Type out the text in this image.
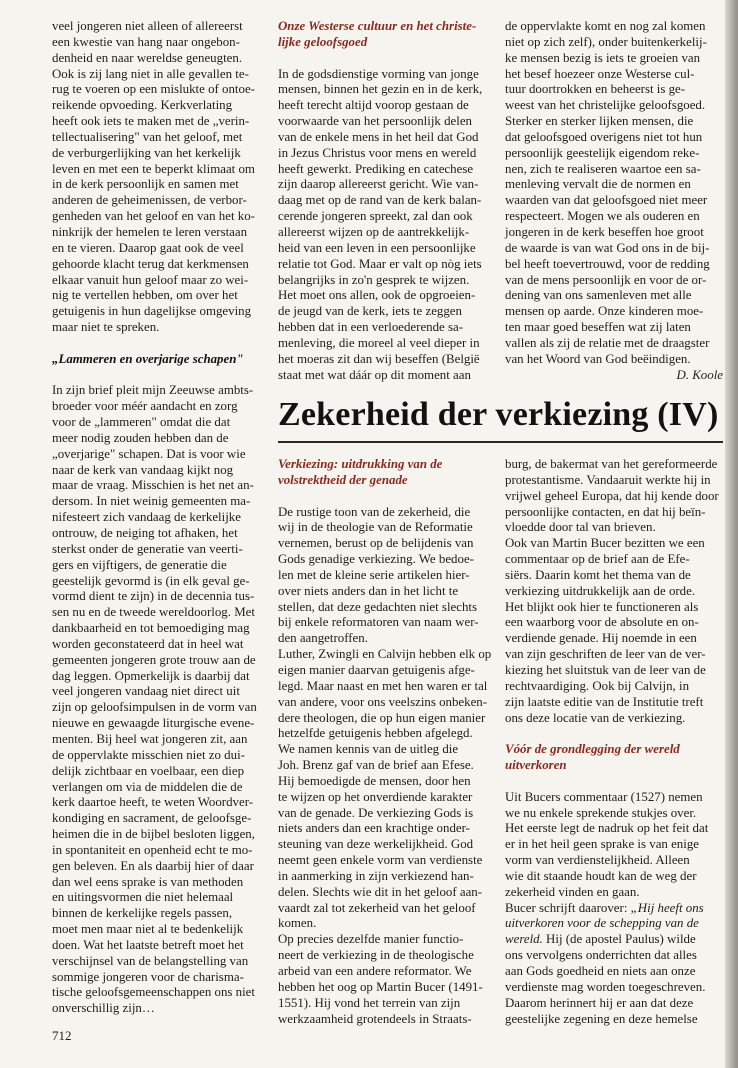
veel jongeren niet alleen of allereerst
een kwestie van hang naar ongebon-
denheid en naar wereldse geneugten.
Ook is zij lang niet in alle gevallen te-
rug te voeren op een mislukte of ontoe-
reikende opvoeding. Kerkverlating
heeft ook iets te maken met de „verin-
tellectualisering" van het geloof, met
de verburgerlijking van het kerkelijk
leven en met een te beperkt klimaat om
in de kerk persoonlijk en samen met
anderen de geheimenissen, de verbor-
genheden van het geloof en van het ko-
ninkrijk der hemelen te leren verstaan
en te vieren. Daarop gaat ook de veel
gehoorde klacht terug dat kerkmensen
elkaar vanuit hun geloof maar zo wei-
nig te vertellen hebben, om over het
getuigenis in hun dagelijkse omgeving
maar niet te spreken.

„Lammeren en overjarige schapen"

In zijn brief pleit mijn Zeeuwse ambts-
broeder voor méér aandacht en zorg
voor de „lammeren" omdat die dat
meer nodig zouden hebben dan de
„overjarige" schapen. Dat is voor wie
naar de kerk van vandaag kijkt nog
maar de vraag. Misschien is het net an-
dersom. In niet weinig gemeenten ma-
nifesteert zich vandaag de kerkelijke
ontrouw, de neiging tot afhaken, het
sterkst onder de generatie van veerti-
gers en vijftigers, de generatie die
geestelijk gevormd is (in elk geval ge-
vormd dient te zijn) in de decennia tus-
sen nu en de tweede wereldoorlog. Met
dankbaarheid en tot bemoediging mag
worden geconstateerd dat in heel wat
gemeenten jongeren grote trouw aan de
dag leggen. Opmerkelijk is daarbij dat
veel jongeren vandaag niet direct uit
zijn op geloofsimpulsen in de vorm van
nieuwe en gewaagde liturgische evene-
menten. Bij heel wat jongeren zit, aan
de oppervlakte misschien niet zo dui-
delijk zichtbaar en voelbaar, een diep
verlangen om via de middelen die de
kerk daartoe heeft, te weten Woordver-
kondiging en sacrament, de geloofsge-
heimen die in de bijbel besloten liggen,
in spontaniteit en openheid echt te mo-
gen beleven. En als daarbij hier of daar
dan wel eens sprake is van methoden
en uitingsvormen die niet helemaal
binnen de kerkelijke regels passen,
moet men maar niet al te bedenkelijk
doen. Wat het laatste betreft moet het
verschijnsel van de belangstelling van
sommige jongeren voor de charisma-
tische geloofsgemeenschappen ons niet
onverschillig zijn…

Onze Westerse cultuur en het christe-
lijke geloofsgoed

In de godsdienstige vorming van jonge
mensen, binnen het gezin en in de kerk,
heeft terecht altijd voorop gestaan de
voorwaarde van het persoonlijk delen
van de enkele mens in het heil dat God
in Jezus Christus voor mens en wereld
heeft gewerkt. Prediking en catechese
zijn daarop allereerst gericht. Wie van-
daag met op de rand van de kerk balan-
cerende jongeren spreekt, zal dan ook
allereerst wijzen op de aantrekkelijk-
heid van een leven in een persoonlijke
relatie tot God. Maar er valt op nòg iets
belangrijks in zo'n gesprek te wijzen.
Het moet ons allen, ook de opgroeien-
de jeugd van de kerk, iets te zeggen
hebben dat in een verloederende sa-
menleving, die moreel al veel dieper in
het moeras zit dan wij beseffen (België
staat met wat dáár op dit moment aan
de oppervlakte komt en nog zal komen
niet op zich zelf), onder buitenkerkelij-
ke mensen bezig is iets te groeien van
het besef hoezeer onze Westerse cul-
tuur doortrokken en beheerst is ge-
weest van het christelijke geloofsgoed.
Sterker en sterker lijken mensen, die
dat geloofsgoed overigens niet tot hun
persoonlijk geestelijk eigendom reke-
nen, zich te realiseren waartoe een sa-
menleving vervalt die de normen en
waarden van dat geloofsgoed niet meer
respecteert. Mogen we als ouderen en
jongeren in de kerk beseffen hoe groot
de waarde is van wat God ons in de bij-
bel heeft toevertrouwd, voor de redding
van de mens persoonlijk en voor de or-
dening van ons samenleven met alle
mensen op aarde. Onze kinderen moe-
ten maar goed beseffen wat zij laten
vallen als zij de relatie met de draagster
van het Woord van God beëindigen.

D. Koole

Zekerheid der verkiezing (IV)

Verkiezing: uitdrukking van de
volstrektheid der genade

De rustige toon van de zekerheid, die
wij in de theologie van de Reformatie
vernemen, berust op de belijdenis van
Gods genadige verkiezing. We bedoe-
len met de kleine serie artikelen hier-
over niets anders dan in het licht te
stellen, dat deze gedachten niet slechts
bij enkele reformatoren van naam wer-
den aangetroffen.
Luther, Zwingli en Calvijn hebben elk op
eigen manier daarvan getuigenis afge-
legd. Maar naast en met hen waren er tal
van andere, voor ons veelszins onbeken-
dere theologen, die op hun eigen manier
hetzelfde getuigenis hebben afgelegd.
We namen kennis van de uitleg die
Joh. Brenz gaf van de brief aan Efese.
Hij bemoedigde de mensen, door hen
te wijzen op het onverdiende karakter
van de genade. De verkiezing Gods is
niets anders dan een krachtige onder-
steuning van deze werkelijkheid. God
neemt geen enkele vorm van verdienste
in aanmerking in zijn verkiezend han-
delen. Slechts wie dit in het geloof aan-
vaardt zal tot zekerheid van het geloof
komen.
Op precies dezelfde manier functio-
neert de verkiezing in de theologische
arbeid van een andere reformator. We
hebben het oog op Martin Bucer (1491-
1551). Hij vond het terrein van zijn
werkzaamheid grotendeels in Straats-
burg, de bakermat van het gereformeerde
protestantisme. Vandaaruit werkte hij in
vrijwel geheel Europa, dat hij kende door
persoonlijke contacten, en dat hij beïn-
vloedde door tal van brieven.
Ook van Martin Bucer bezitten we een
commentaar op de brief aan de Efe-
siërs. Daarin komt het thema van de
verkiezing uitdrukkelijk aan de orde.
Het blijkt ook hier te functioneren als
een waarborg voor de absolute en on-
verdiende genade. Hij noemde in een
van zijn geschriften de leer van de ver-
kiezing het sluitstuk van de leer van de
rechtvaardiging. Ook bij Calvijn, in
zijn laatste editie van de Institutie treft
ons deze locatie van de verkiezing.

Vóór de grondlegging der wereld
uitverkoren

Uit Bucers commentaar (1527) nemen
we nu enkele sprekende stukjes over.
Het eerste legt de nadruk op het feit dat
er in het heil geen sprake is van enige
vorm van verdienstelijkheid. Alleen
wie dit staande houdt kan de weg der
zekerheid vinden en gaan.

Bucer schrijft daarover: „Hij heeft ons
uitverkoren voor de schepping van de
wereld. Hij (de apostel Paulus) wilde

ons vervolgens onderrichten dat alles
aan Gods goedheid en niets aan onze
verdienste mag worden toegeschreven.
Daarom herinnert hij er aan dat deze
geestelijke zegening en deze hemelse
712
